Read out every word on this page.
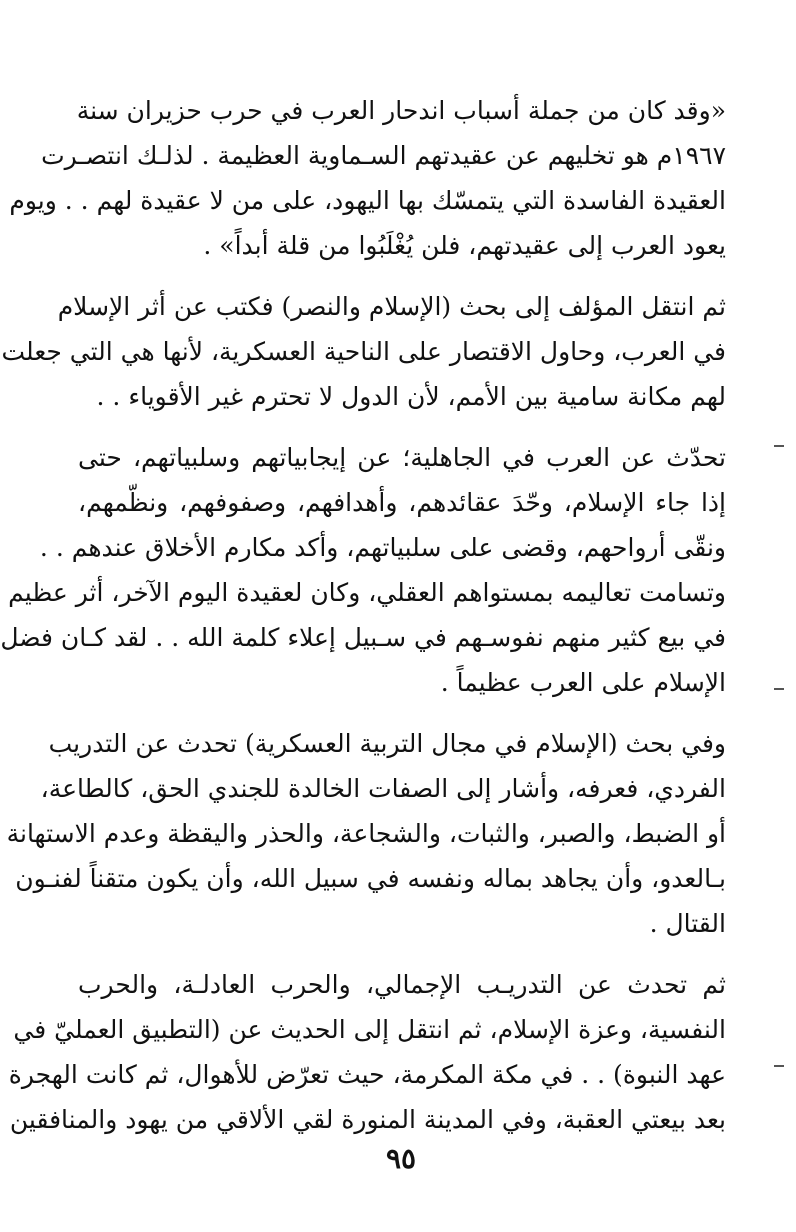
«وقد كان من جملة أسباب اندحار العرب في حرب حزيران سنة
١٩٦٧م هو تخليهم عن عقيدتهم السـماوية العظيمة . لذلـك انتصـرت
العقيدة الفاسدة التي يتمسّك بها اليهود، على من لا عقيدة لهم . . ويوم
يعود العرب إلى عقيدتهم، فلن يُغْلَبُوا من قلة أبداً» .
ثم انتقل المؤلف إلى بحث (الإسلام والنصر) فكتب عن أثر الإسلام
في العرب، وحاول الاقتصار على الناحية العسكرية، لأنها هي التي جعلت
لهم مكانة سامية بين الأمم، لأن الدول لا تحترم غير الأقوياء . .
تحدّث عن العرب في الجاهلية؛ عن إيجابياتهم وسلبياتهم، حتى
إذا جاء الإسلام، وحّدَ عقائدهم، وأهدافهم، وصفوفهم، ونظّمهم،
ونقّى أرواحهم، وقضى على سلبياتهم، وأكد مكارم الأخلاق عندهم . .
وتسامت تعاليمه بمستواهم العقلي، وكان لعقيدة اليوم الآخر، أثر عظيم
في بيع كثير منهم نفوسـهم في سـبيل إعلاء كلمة الله . . لقد كـان فضل
الإسلام على العرب عظيماً .
وفي بحث (الإسلام في مجال التربية العسكرية) تحدث عن التدريب
الفردي، فعرفه، وأشار إلى الصفات الخالدة للجندي الحق، كالطاعة،
أو الضبط، والصبر، والثبات، والشجاعة، والحذر واليقظة وعدم الاستهانة
بـالعدو، وأن يجاهد بماله ونفسه في سبيل الله، وأن يكون متقناً لفنـون
القتال .
ثم تحدث عن التدريـب الإجمالي، والحرب العادلـة، والحرب
النفسية، وعزة الإسلام، ثم انتقل إلى الحديث عن (التطبيق العمليّ في
عهد النبوة) . . في مكة المكرمة، حيث تعرّض للأهوال، ثم كانت الهجرة
بعد بيعتي العقبة، وفي المدينة المنورة لقي الألاقي من يهود والمنافقين
٩٥
